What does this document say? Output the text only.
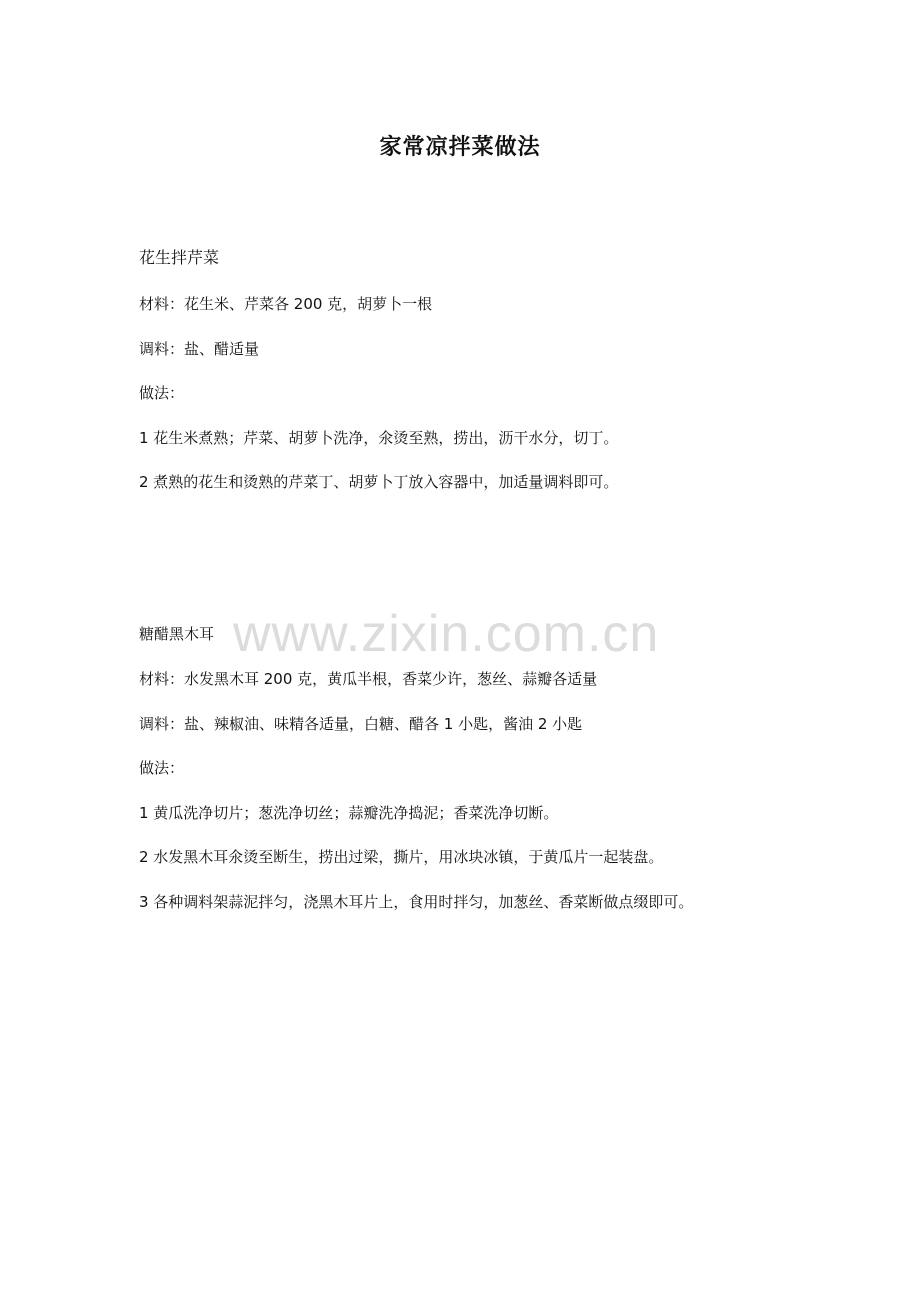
www.zixin.com.cn
家常凉拌菜做法

花生拌芹菜

材料：花生米、芹菜各 200 克，胡萝卜一根

调料：盐、醋适量

做法：

1 花生米煮熟；芹菜、胡萝卜洗净，氽烫至熟，捞出，沥干水分，切丁。

2 煮熟的花生和烫熟的芹菜丁、胡萝卜丁放入容器中，加适量调料即可。

糖醋黑木耳

材料：水发黑木耳 200 克，黄瓜半根，香菜少许，葱丝、蒜瓣各适量

调料：盐、辣椒油、味精各适量，白糖、醋各 1 小匙，酱油 2 小匙

做法：

1 黄瓜洗净切片；葱洗净切丝；蒜瓣洗净捣泥；香菜洗净切断。

2 水发黑木耳氽烫至断生，捞出过梁，撕片，用冰块冰镇，于黄瓜片一起装盘。

3 各种调料架蒜泥拌匀，浇黑木耳片上，食用时拌匀，加葱丝、香菜断做点缀即可。
